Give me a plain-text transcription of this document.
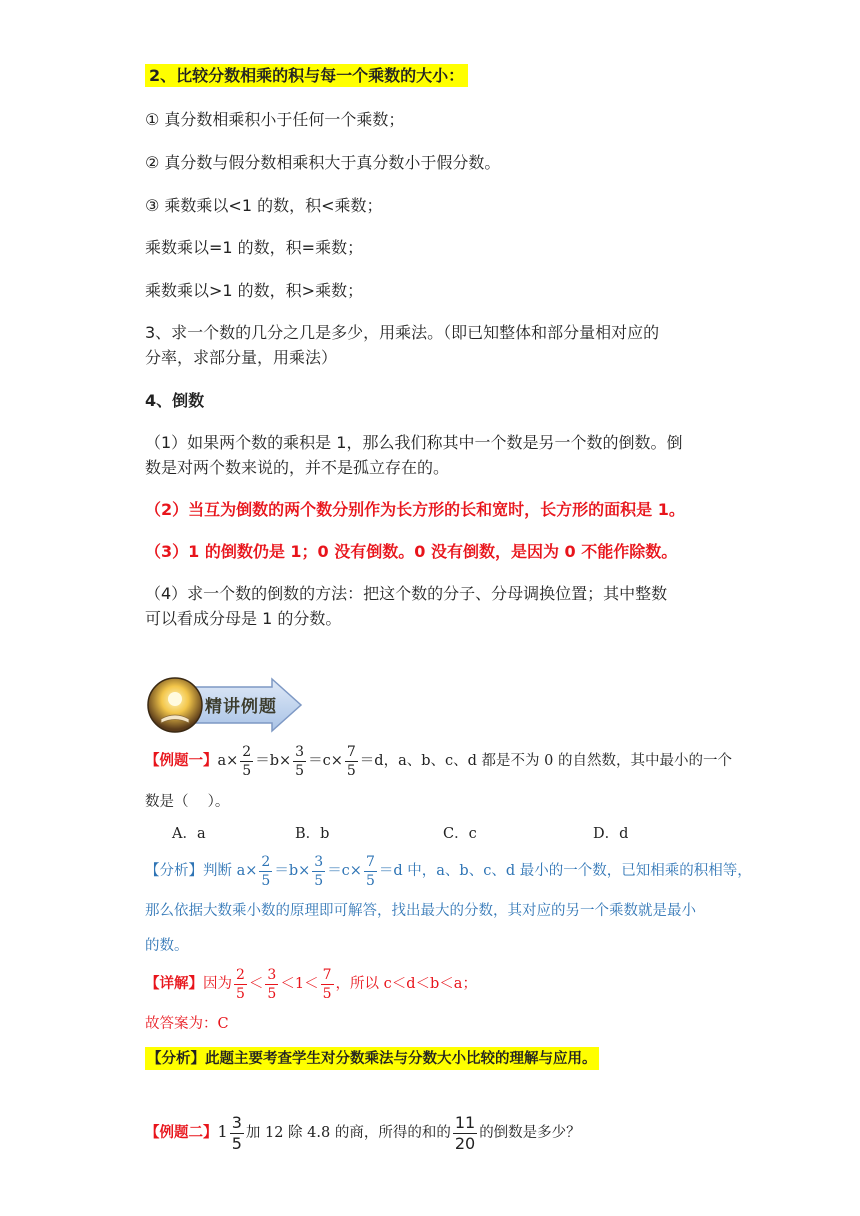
2、比较分数相乘的积与每一个乘数的大小：
① 真分数相乘积小于任何一个乘数；
② 真分数与假分数相乘积大于真分数小于假分数。
③ 乘数乘以<1 的数，积<乘数；
乘数乘以=1 的数，积=乘数；
乘数乘以>1 的数，积>乘数；
3、求一个数的几分之几是多少，用乘法。（即已知整体和部分量相对应的
分率，求部分量，用乘法）
4、倒数
（1）如果两个数的乘积是 1，那么我们称其中一个数是另一个数的倒数。倒
数是对两个数来说的，并不是孤立存在的。
（2）当互为倒数的两个数分别作为长方形的长和宽时，长方形的面积是 1。
（3）1 的倒数仍是 1；0 没有倒数。0 没有倒数，是因为 0 不能作除数。
（4）求一个数的倒数的方法：把这个数的分子、分母调换位置；其中整数
可以看成分母是 1 的分数。
精讲例题
【例题一】$a\times \frac{2}{5} =b\times \frac{3}{5} =c\times \frac{7}{5} =d$，a、b、c、d 都是不为 0 的自然数，其中最小的一个
数是（　 ）。
A．a	B．b	C．c	D．d
【分析】判断 $a\times \frac{2}{5} =b\times \frac{3}{5} =c\times \frac{7}{5} =d$ 中，a、b、c、d 最小的一个数，已知相乘的积相等，
那么依据大数乘小数的原理即可解答，找出最大的分数，其对应的另一个乘数就是最小
的数。
【详解】因为 $\frac{2}{5} < \frac{3}{5} <1< \frac{7}{5}$ ，所以 c＜d＜b＜a；
故答案为：C
【分析】此题主要考查学生对分数乘法与分数大小比较的理解与应用。
【例题二】$1 \frac{3}{5}$ 加 12 除 4.8 的商，所得的和的 $\frac{11}{20}$ 的倒数是多少？
